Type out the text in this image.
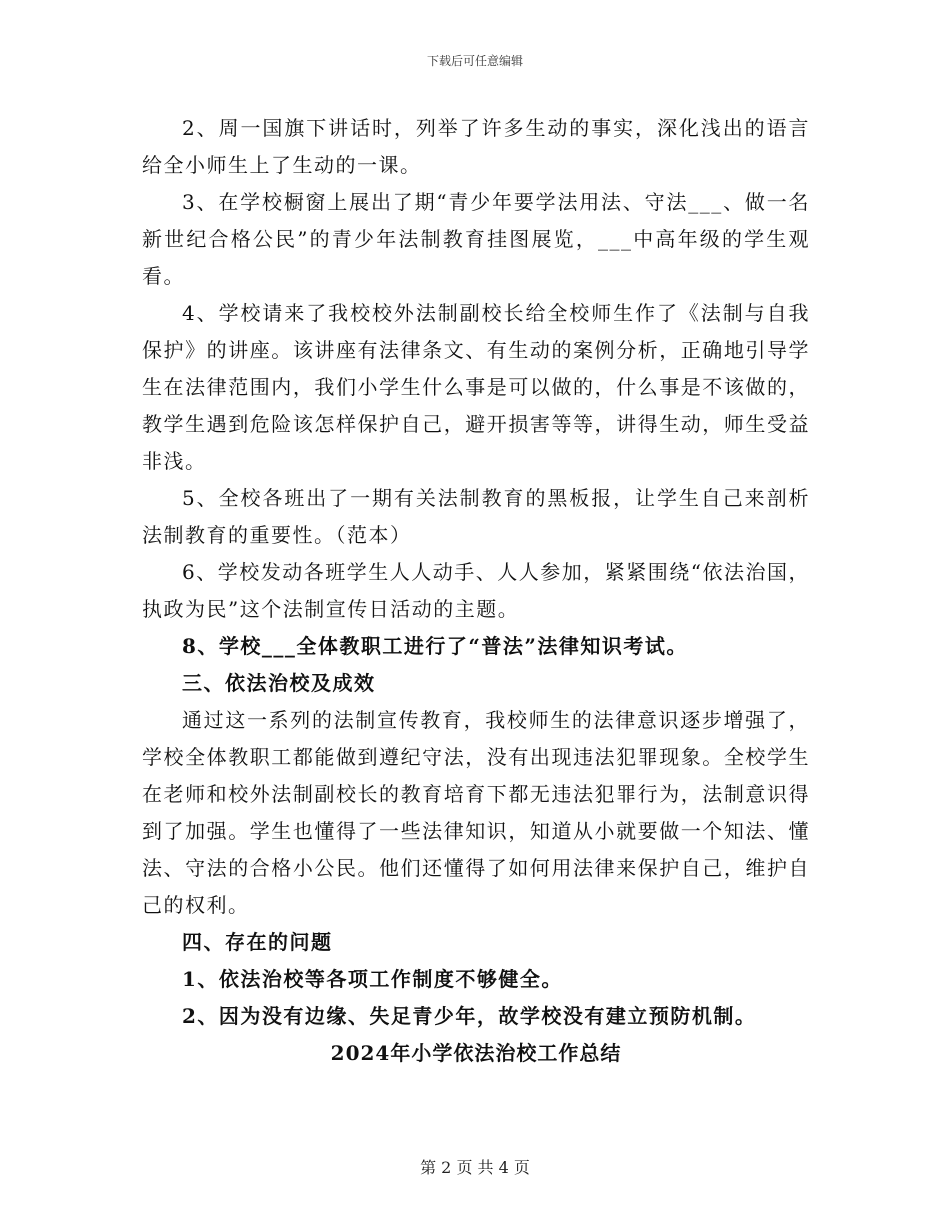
下载后可任意编辑

2、周一国旗下讲话时，列举了许多生动的事实，深化浅出的语言给全小师生上了生动的一课。

3、在学校橱窗上展出了期“青少年要学法用法、守法___、做一名新世纪合格公民”的青少年法制教育挂图展览，___中高年级的学生观看。

4、学校请来了我校校外法制副校长给全校师生作了《法制与自我保护》的讲座。该讲座有法律条文、有生动的案例分析，正确地引导学生在法律范围内，我们小学生什么事是可以做的，什么事是不该做的，教学生遇到危险该怎样保护自己，避开损害等等，讲得生动，师生受益非浅。

5、全校各班出了一期有关法制教育的黑板报，让学生自己来剖析法制教育的重要性。（范本）

6、学校发动各班学生人人动手、人人参加，紧紧围绕“依法治国，执政为民”这个法制宣传日活动的主题。

8、学校___全体教职工进行了“普法”法律知识考试。

三、依法治校及成效

通过这一系列的法制宣传教育，我校师生的法律意识逐步增强了，学校全体教职工都能做到遵纪守法，没有出现违法犯罪现象。全校学生在老师和校外法制副校长的教育培育下都无违法犯罪行为，法制意识得到了加强。学生也懂得了一些法律知识，知道从小就要做一个知法、懂法、守法的合格小公民。他们还懂得了如何用法律来保护自己，维护自己的权利。

四、存在的问题

1、依法治校等各项工作制度不够健全。

2、因为没有边缘、失足青少年，故学校没有建立预防机制。

2024年小学依法治校工作总结

第 2 页 共 4 页
